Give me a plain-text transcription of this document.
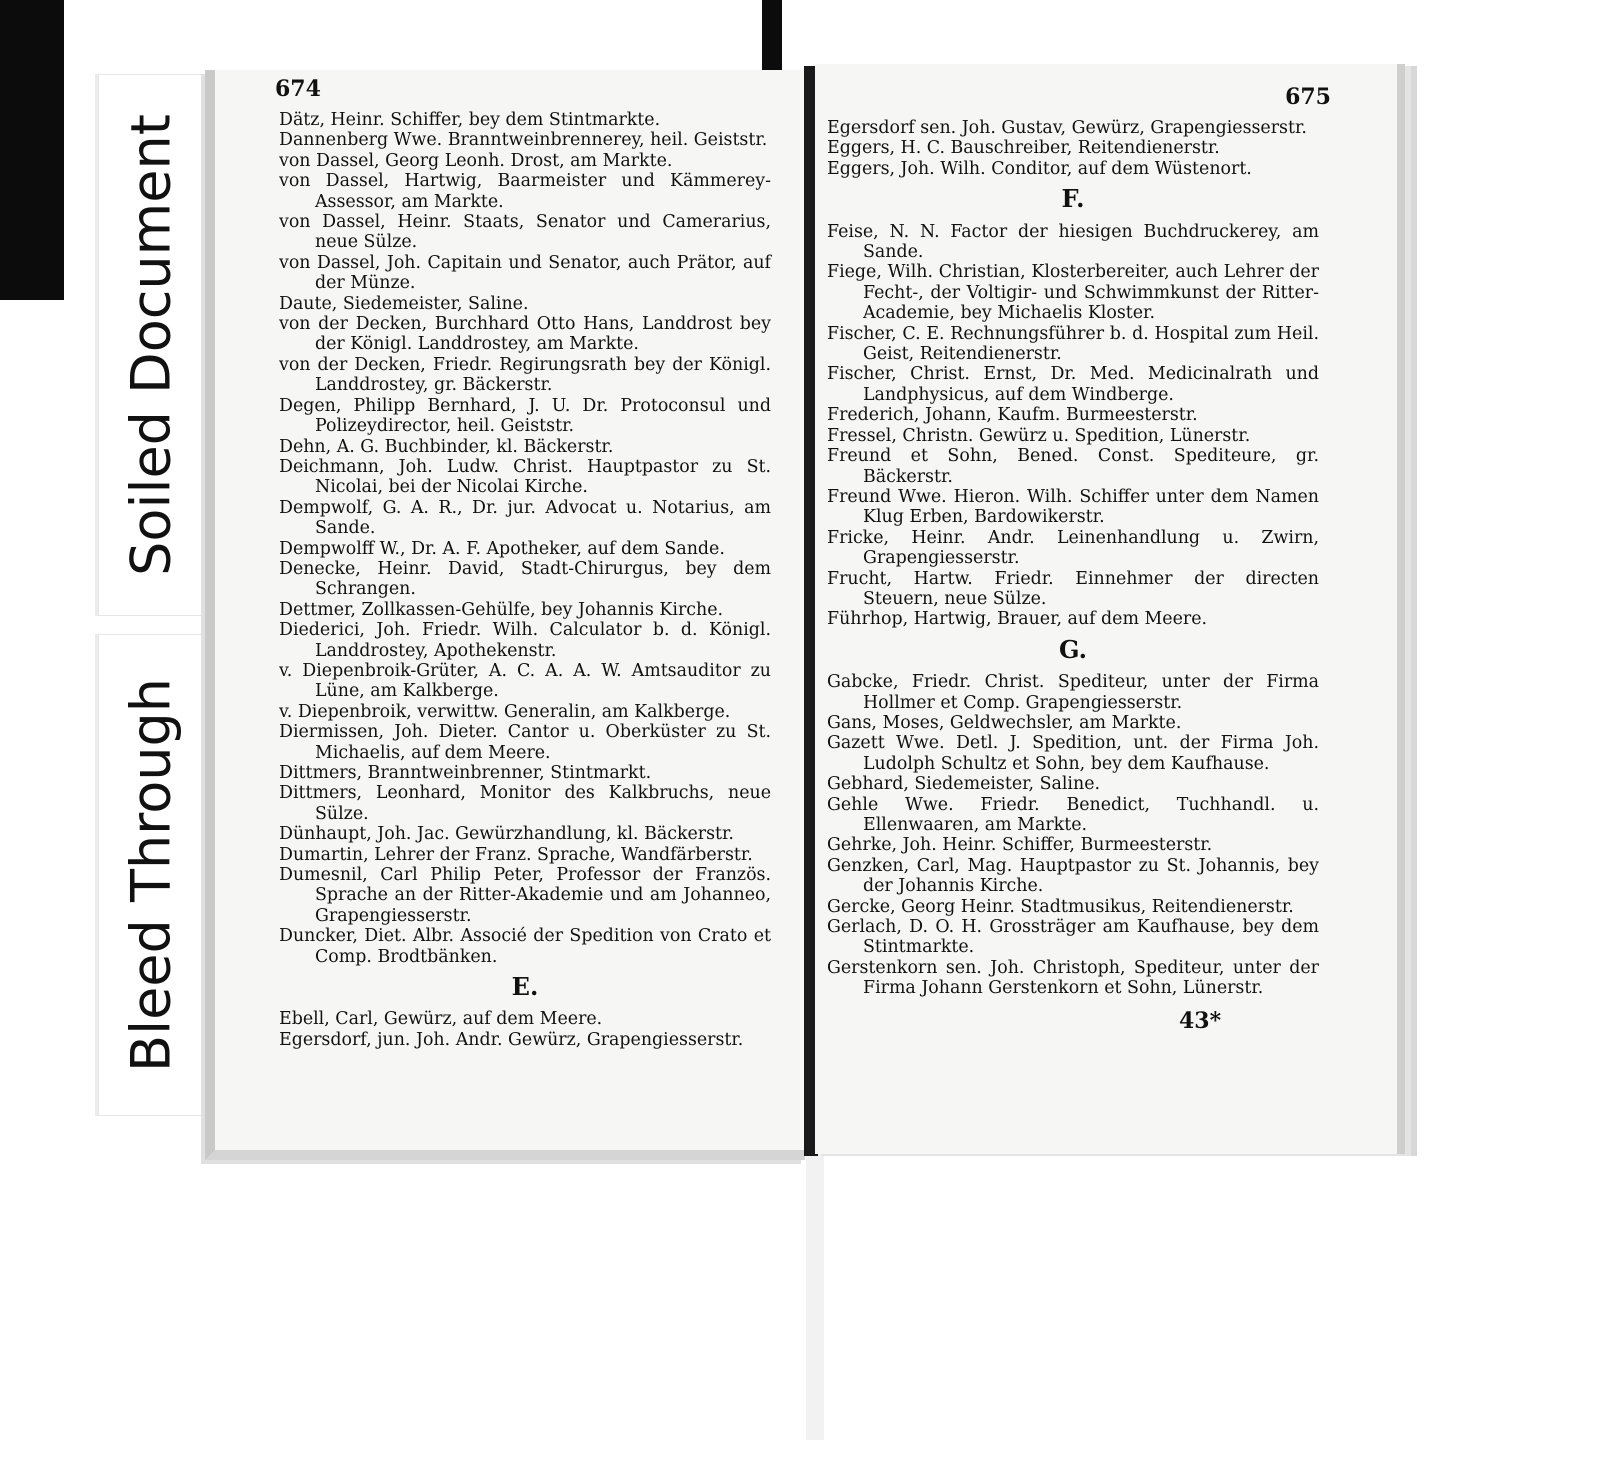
Soiled Document
Bleed Through
674

Dätz, Heinr. Schiffer, bey dem Stintmarkte.

Dannenberg Wwe. Branntweinbrennerey, heil. Geiststr.

von Dassel, Georg Leonh. Drost, am Markte.

von Dassel, Hartwig, Baarmeister und Kämmerey-Assessor, am Markte.

von Dassel, Heinr. Staats, Senator und Camerarius, neue Sülze.

von Dassel, Joh. Capitain und Senator, auch Prätor, auf der Münze.

Daute, Siedemeister, Saline.

von der Decken, Burchhard Otto Hans, Landdrost bey der Königl. Landdrostey, am Markte.

von der Decken, Friedr. Regirungsrath bey der Königl. Landdrostey, gr. Bäckerstr.

Degen, Philipp Bernhard, J. U. Dr. Protoconsul und Polizeydirector, heil. Geiststr.

Dehn, A. G. Buchbinder, kl. Bäckerstr.

Deichmann, Joh. Ludw. Christ. Hauptpastor zu St. Nicolai, bei der Nicolai Kirche.

Dempwolf, G. A. R., Dr. jur. Advocat u. Notarius, am Sande.

Dempwolff W., Dr. A. F. Apotheker, auf dem Sande.

Denecke, Heinr. David, Stadt-Chirurgus, bey dem Schrangen.

Dettmer, Zollkassen-Gehülfe, bey Johannis Kirche.

Diederici, Joh. Friedr. Wilh. Calculator b. d. Königl. Landdrostey, Apothekenstr.

v. Diepenbroik-Grüter, A. C. A. A. W. Amtsauditor zu Lüne, am Kalkberge.

v. Diepenbroik, verwittw. Generalin, am Kalkberge.

Diermissen, Joh. Dieter. Cantor u. Oberküster zu St. Michaelis, auf dem Meere.

Dittmers, Branntweinbrenner, Stintmarkt.

Dittmers, Leonhard, Monitor des Kalkbruchs, neue Sülze.

Dünhaupt, Joh. Jac. Gewürzhandlung, kl. Bäckerstr.

Dumartin, Lehrer der Franz. Sprache, Wandfärberstr.

Dumesnil, Carl Philip Peter, Professor der Französ. Sprache an der Ritter-Akademie und am Johanneo, Grapengiesserstr.

Duncker, Diet. Albr. Associé der Spedition von Crato et Comp. Brodtbänken.

E.

Ebell, Carl, Gewürz, auf dem Meere.

Egersdorf, jun. Joh. Andr. Gewürz, Grapengiesserstr.

675

Egersdorf sen. Joh. Gustav, Gewürz, Grapengiesserstr.

Eggers, H. C. Bauschreiber, Reitendienerstr.

Eggers, Joh. Wilh. Conditor, auf dem Wüstenort.

F.

Feise, N. N. Factor der hiesigen Buchdruckerey, am Sande.

Fiege, Wilh. Christian, Klosterbereiter, auch Lehrer der Fecht-, der Voltigir- und Schwimmkunst der Ritter-Academie, bey Michaelis Kloster.

Fischer, C. E. Rechnungsführer b. d. Hospital zum Heil. Geist, Reitendienerstr.

Fischer, Christ. Ernst, Dr. Med. Medicinalrath und Landphysicus, auf dem Windberge.

Frederich, Johann, Kaufm. Burmeesterstr.

Fressel, Christn. Gewürz u. Spedition, Lünerstr.

Freund et Sohn, Bened. Const. Spediteure, gr. Bäckerstr.

Freund Wwe. Hieron. Wilh. Schiffer unter dem Namen Klug Erben, Bardowikerstr.

Fricke, Heinr. Andr. Leinenhandlung u. Zwirn, Grapengiesserstr.

Frucht, Hartw. Friedr. Einnehmer der directen Steuern, neue Sülze.

Führhop, Hartwig, Brauer, auf dem Meere.

G.

Gabcke, Friedr. Christ. Spediteur, unter der Firma Hollmer et Comp. Grapengiesserstr.

Gans, Moses, Geldwechsler, am Markte.

Gazett Wwe. Detl. J. Spedition, unt. der Firma Joh. Ludolph Schultz et Sohn, bey dem Kaufhause.

Gebhard, Siedemeister, Saline.

Gehle Wwe. Friedr. Benedict, Tuchhandl. u. Ellenwaaren, am Markte.

Gehrke, Joh. Heinr. Schiffer, Burmeesterstr.

Genzken, Carl, Mag. Hauptpastor zu St. Johannis, bey der Johannis Kirche.

Gercke, Georg Heinr. Stadtmusikus, Reitendienerstr.

Gerlach, D. O. H. Grossträger am Kaufhause, bey dem Stintmarkte.

Gerstenkorn sen. Joh. Christoph, Spediteur, unter der Firma Johann Gerstenkorn et Sohn, Lünerstr.

43*
